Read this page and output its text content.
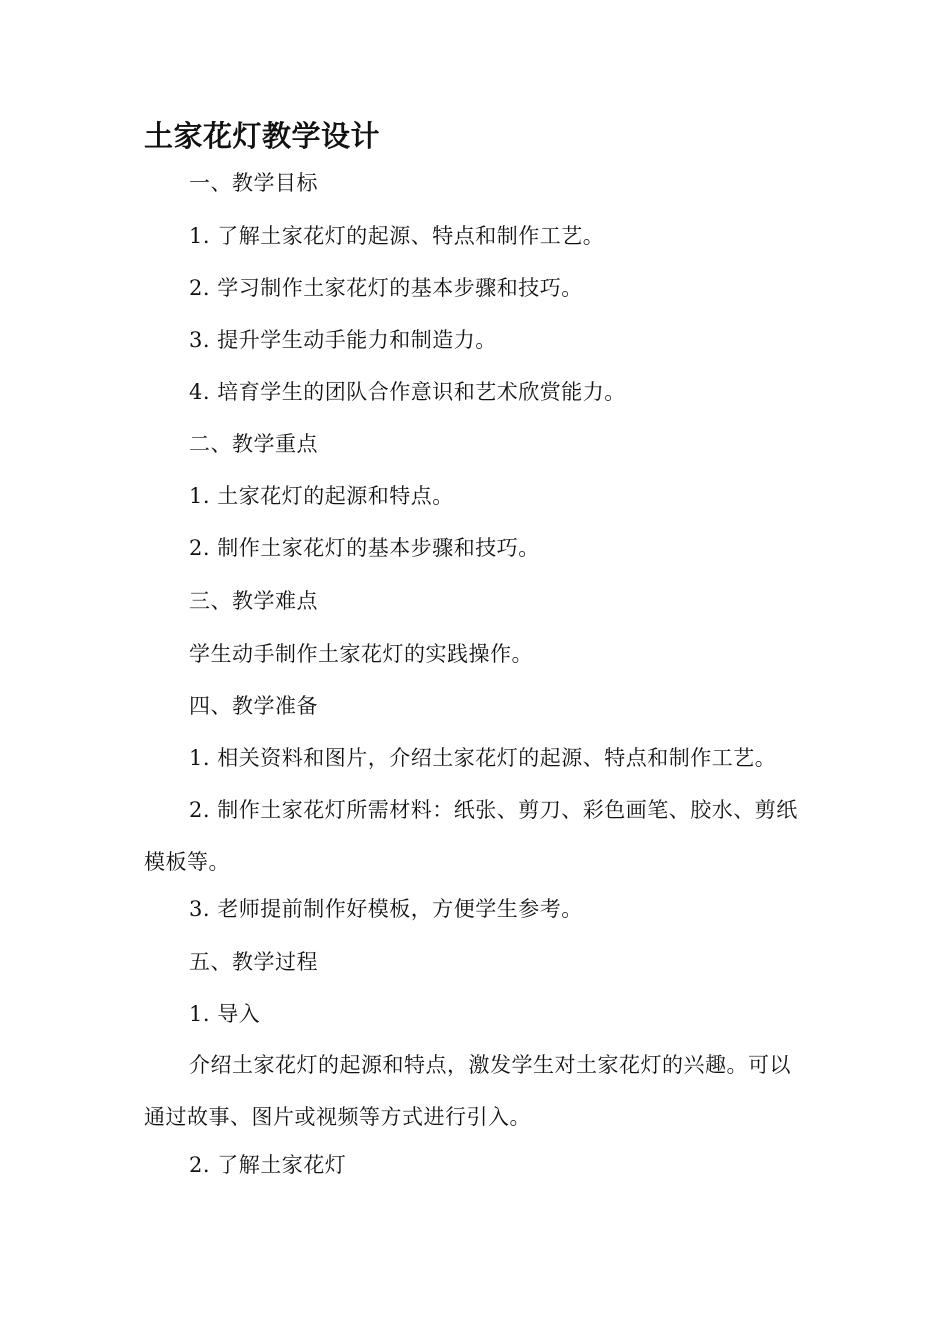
土家花灯教学设计
一、教学目标
1. 了解土家花灯的起源、特点和制作工艺。
2. 学习制作土家花灯的基本步骤和技巧。
3. 提升学生动手能力和制造力。
4. 培育学生的团队合作意识和艺术欣赏能力。
二、教学重点
1. 土家花灯的起源和特点。
2. 制作土家花灯的基本步骤和技巧。
三、教学难点
学生动手制作土家花灯的实践操作。
四、教学准备
1. 相关资料和图片，介绍土家花灯的起源、特点和制作工艺。
2. 制作土家花灯所需材料：纸张、剪刀、彩色画笔、胶水、剪纸模板等。
3. 老师提前制作好模板，方便学生参考。
五、教学过程
1. 导入
介绍土家花灯的起源和特点，激发学生对土家花灯的兴趣。可以通过故事、图片或视频等方式进行引入。
2. 了解土家花灯
